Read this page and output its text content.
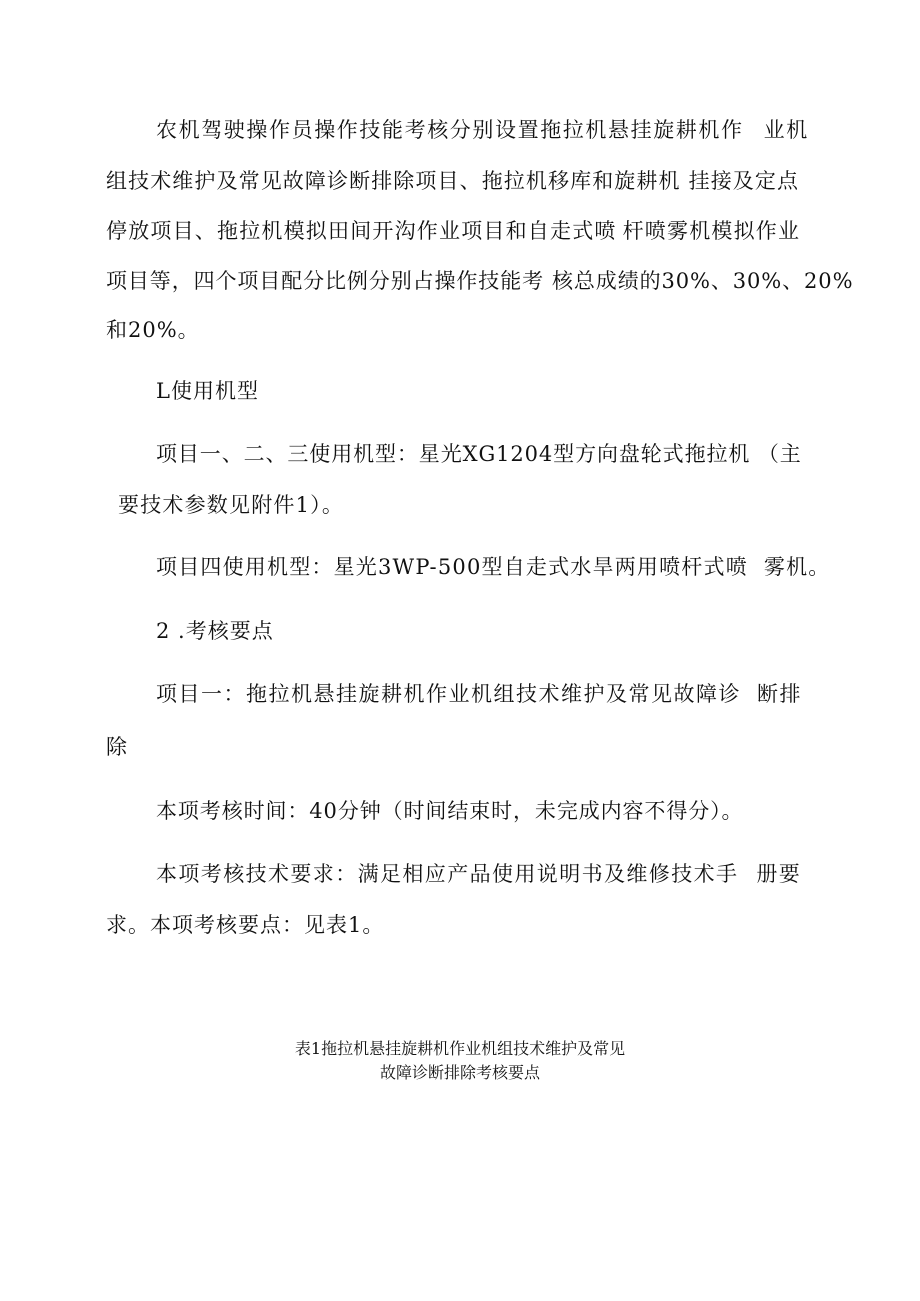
农机驾驶操作员操作技能考核分别设置拖拉机悬挂旋耕机作 业机
组技术维护及常见故障诊断排除项目、拖拉机移库和旋耕机 挂接及定点
停放项目、拖拉机模拟田间开沟作业项目和自走式喷 杆喷雾机模拟作业
项目等，四个项目配分比例分别占操作技能考 核总成绩的30%、30%、20%
和20%。
L使用机型
项目一、二、三使用机型：星光XG1204型方向盘轮式拖拉机 （主
要技术参数见附件1）。
项目四使用机型：星光3WP-500型自走式水旱两用喷杆式喷 雾机。
2 .考核要点
项目一：拖拉机悬挂旋耕机作业机组技术维护及常见故障诊 断排
除
本项考核时间：40分钟（时间结束时，未完成内容不得分）。
本项考核技术要求：满足相应产品使用说明书及维修技术手 册要
求。本项考核要点：见表1。
表1拖拉机悬挂旋耕机作业机组技术维护及常见
故障诊断排除考核要点
